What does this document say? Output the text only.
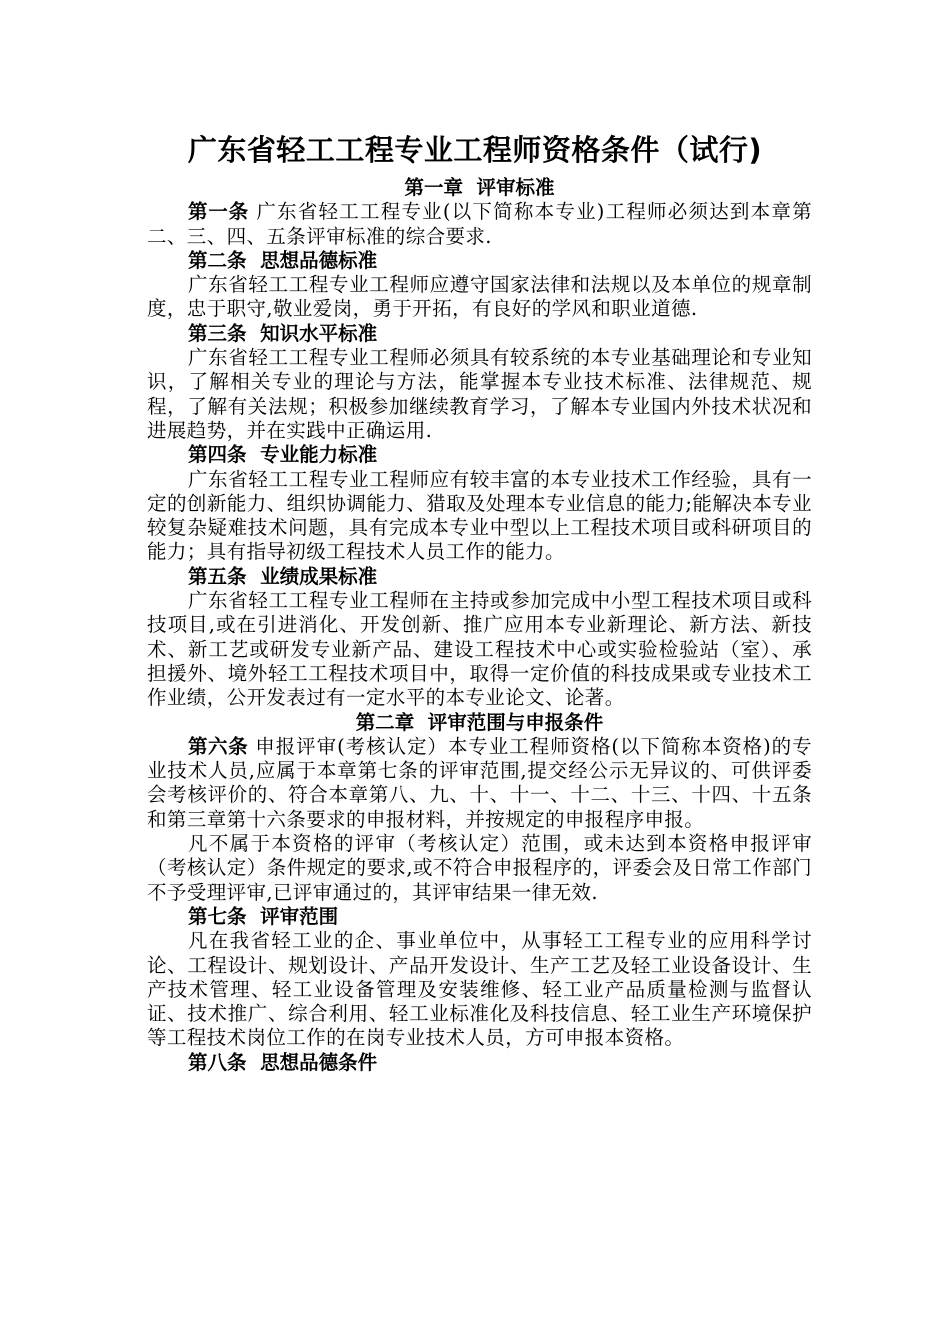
广东省轻工工程专业工程师资格条件（试行)
第一章  评审标准

第一条 广东省轻工工程专业(以下简称本专业)工程师必须达到本章第二、三、四、五条评审标准的综合要求.

第二条  思想品德标准

广东省轻工工程专业工程师应遵守国家法律和法规以及本单位的规章制度，忠于职守,敬业爱岗，勇于开拓，有良好的学风和职业道德.

第三条  知识水平标准

广东省轻工工程专业工程师必须具有较系统的本专业基础理论和专业知识，了解相关专业的理论与方法，能掌握本专业技术标准、法律规范、规程，了解有关法规；积极参加继续教育学习，了解本专业国内外技术状况和进展趋势，并在实践中正确运用.

第四条  专业能力标准

广东省轻工工程专业工程师应有较丰富的本专业技术工作经验，具有一定的创新能力、组织协调能力、猎取及处理本专业信息的能力;能解决本专业较复杂疑难技术问题，具有完成本专业中型以上工程技术项目或科研项目的能力；具有指导初级工程技术人员工作的能力。

第五条  业绩成果标准

广东省轻工工程专业工程师在主持或参加完成中小型工程技术项目或科技项目,或在引进消化、开发创新、推广应用本专业新理论、新方法、新技术、新工艺或研发专业新产品、建设工程技术中心或实验检验站（室）、承担援外、境外轻工工程技术项目中，取得一定价值的科技成果或专业技术工作业绩，公开发表过有一定水平的本专业论文、论著。

第二章  评审范围与申报条件

第六条 申报评审(考核认定）本专业工程师资格(以下简称本资格)的专业技术人员,应属于本章第七条的评审范围,提交经公示无异议的、可供评委会考核评价的、符合本章第八、九、十、十一、十二、十三、十四、十五条和第三章第十六条要求的申报材料，并按规定的申报程序申报。

凡不属于本资格的评审（考核认定）范围，或未达到本资格申报评审（考核认定）条件规定的要求,或不符合申报程序的，评委会及日常工作部门不予受理评审,已评审通过的，其评审结果一律无效.

第七条  评审范围

凡在我省轻工业的企、事业单位中，从事轻工工程专业的应用科学讨论、工程设计、规划设计、产品开发设计、生产工艺及轻工业设备设计、生产技术管理、轻工业设备管理及安装维修、轻工业产品质量检测与监督认证、技术推广、综合利用、轻工业标准化及科技信息、轻工业生产环境保护等工程技术岗位工作的在岗专业技术人员，方可申报本资格。

第八条  思想品德条件
